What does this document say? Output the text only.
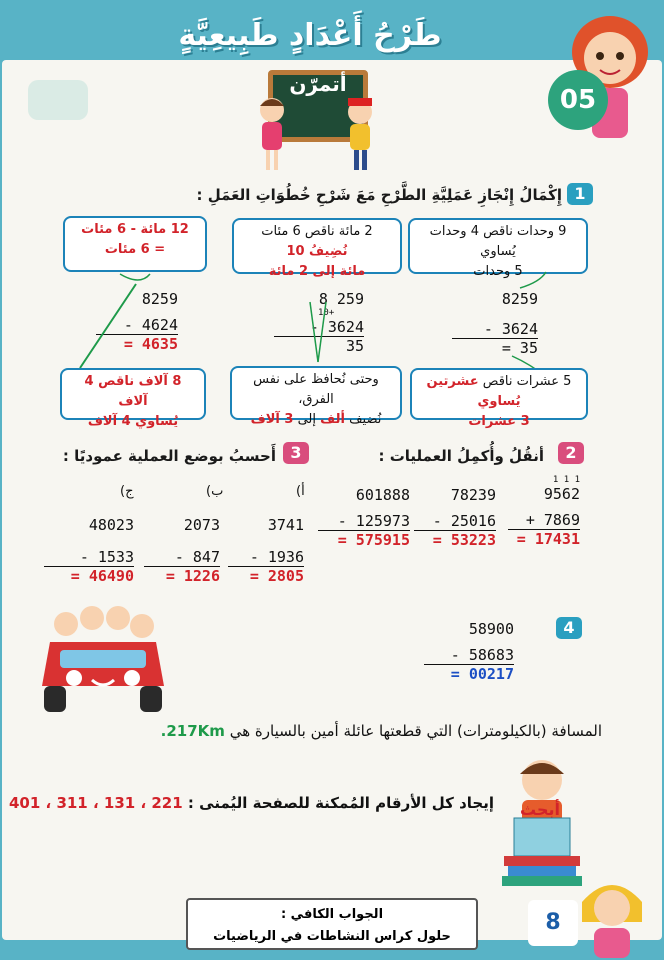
طَرْحُ أَعْدَادٍ طَبِيعِيَّةٍ
05
أتمرّن
1
إِكْمَالُ إِنْجَازِ عَمَلِيَّةِ الطَّرْحِ مَعَ شَرْحِ خُطُوَاتِ العَمَلِ :
12 مائة - 6 مئات
= 6 مئات
2 مائة ناقص 6 مئات نُضِيفُ 10
مائة إلى 2 مائة
9 وحدات ناقص 4 وحدات يُساوي
5 وحدات
8259
- 4624
= 4635
8 259
10+
- 3624
35
8259
- 3624
= 35
8 آلاف ناقص 4 آلاف
يُساوي 4 آلاف
وحتى نُحافظ على نفس الفرق،
نُضيف ألف إلى 3 آلاف
5 عشرات ناقص عشرتين يُساوي
3 عشرات
2
أنقُلُ وأُكمِلُ العمليات :
1 1 1
9562
+ 7869
= 17431
78239
- 25016
= 53223
601888
- 125973
= 575915
3
أَحسبُ بوضع العملية عموديًا :
أ)
ب)
ج)
3741
- 1936
= 2805
2073
- 847
= 1226
48023
- 1533
= 46490
4
58900
- 58683
= 00217
المسافة (بالكيلومترات) التي قطعتها عائلة أمين بالسيارة هي 217Km.
أبحث
إيجاد كل الأرقام المُمكنة للصفحة اليُمنى : 221 ، 131 ، 311 ، 401
8
الجواب الكافي :
حلول كراس النشاطات في الرياضيات
